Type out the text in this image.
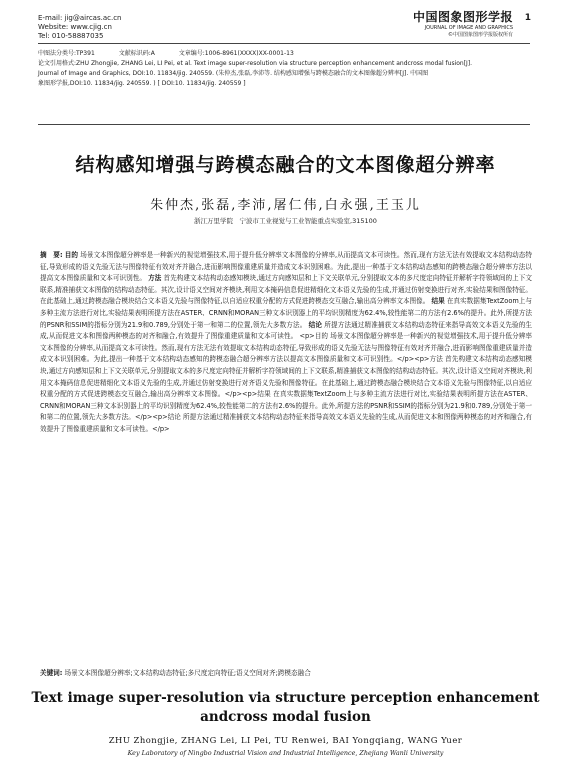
E-mail: jig@aircas.ac.cn
Website: www.cjig.cn
Tel: 010-58887035
中国图象图形学报
JOURNAL OF IMAGE AND GRAPHICS
©中国图象图形学报版权所有
1
中图法分类号:TP391	文献标识码:A	文章编号:1006-8961(XXXX)XX-0001-13
论文引用格式:ZHU Zhongjie, ZHANG Lei, LI Pei, et al. Text image super-resolution via structure perception enhancement andcross modal fusion[J].
Journal of Image and Graphics, DOI:10. 11834/jig. 240559. (朱仲杰,张磊,李沛等. 结构感知增强与跨模态融合的文本图像超分辨率[J]. 中国图
象图形学报,DOI:10. 11834/jig. 240559. ) [ DOI:10. 11834/jig. 240559 ]
结构感知增强与跨模态融合的文本图像超分辨率
朱仲杰,张磊,李沛,屠仁伟,白永强,王玉儿
浙江万里学院　宁波市工业视觉与工业智能重点实验室,315100
摘　要: 目的 场景文本图像超分辨率是一种新兴的视觉增强技术,用于提升低分辨率文本图像的分辨率,从而提高文本可读性。然而,现有方法无法有效提取文本结构动态特征,导致形成的语义先验无法与图像特征有效对齐并融合,进而影响图像重建质量并造成文本识别困难。为此,提出一种基于文本结构动态感知的跨模态融合超分辨率方法以提高文本图像质量和文本可识别性。 方法 首先构建文本结构动态感知模块,通过方向感知层和上下文关联单元,分别提取文本的多尺度定向特征并解析字符领域间的上下文联系,精准捕获文本图像的结构动态特征。其次,设计语义空间对齐模块,利用文本掩码信息促进精细化文本语义先验的生成,并通过仿射变换进行对齐,实验结果和图像特征。在此基础上,通过跨模态融合模块结合文本语义先验与图像特征,以自适应权重分配的方式促进跨模态交互融合,输出高分辨率文本图像。 结果 在真实数据集TextZoom上与多种主流方法进行对比,实验结果表明所提方法在ASTER、CRNN和MORAN三种文本识别器上的平均识别精度为62.4%,较性能第二的方法有2.6%的提升。此外,所提方法的PSNR和SSIM的指标分别为21.9和0.789,分别处于第一和第二的位置,领先大多数方法。 结论 所提方法通过精准捕获文本结构动态特征来指导高效文本语义先验的生成,从而促进文本和图像两种模态的对齐和融合,有效提升了图像重建质量和文本可读性。 <p>目的 场景文本图像超分辨率是一种新兴的视觉增强技术,用于提升低分辨率文本图像的分辨率,从而提高文本可读性。然而,现有方法无法有效提取文本结构动态特征,导致形成的语义先验无法与图像特征有效对齐并融合,进而影响图像重建质量并造成文本识别困难。为此,提出一种基于文本结构动态感知的跨模态融合超分辨率方法以提高文本图像质量和文本可识别性。</p><p>方法 首先构建文本结构动态感知模块,通过方向感知层和上下文关联单元,分别提取文本的多尺度定向特征并解析字符领域间的上下文联系,精准捕获文本图像的结构动态特征。其次,设计语义空间对齐模块,利用文本掩码信息促进精细化文本语义先验的生成,并通过仿射变换进行对齐语义先验和图像特征。在此基础上,通过跨模态融合模块结合文本语义先验与图像特征,以自适应权重分配的方式促进跨模态交互融合,输出高分辨率文本图像。</p><p>结果 在真实数据集TextZoom上与多种主流方法进行对比,实验结果表明所提方法在ASTER、CRNN和MORAN三种文本识别器上的平均识别精度为62.4%,较性能第二的方法有2.6%的提升。此外,所提方法的PSNR和SSIM的指标分别为21.9和0.789,分别处于第一和第二的位置,领先大多数方法。</p><p>结论 所提方法通过精准捕获文本结构动态特征来指导高效文本语义先验的生成,从而促进文本和图像两种模态的对齐和融合,有效提升了图像重建质量和文本可读性。</p>
关键词: 场景文本图像超分辨率;文本结构动态特征;多尺度定向特征;语义空间对齐;跨模态融合
Text image super-resolution via structure perception enhancement andcross modal fusion
ZHU Zhongjie, ZHANG Lei, LI Pei, TU Renwei, BAI Yongqiang, WANG Yuer
Key Laboratory of Ningbo Industrial Vision and Industrial Intelligence, Zhejiang Wanli University
